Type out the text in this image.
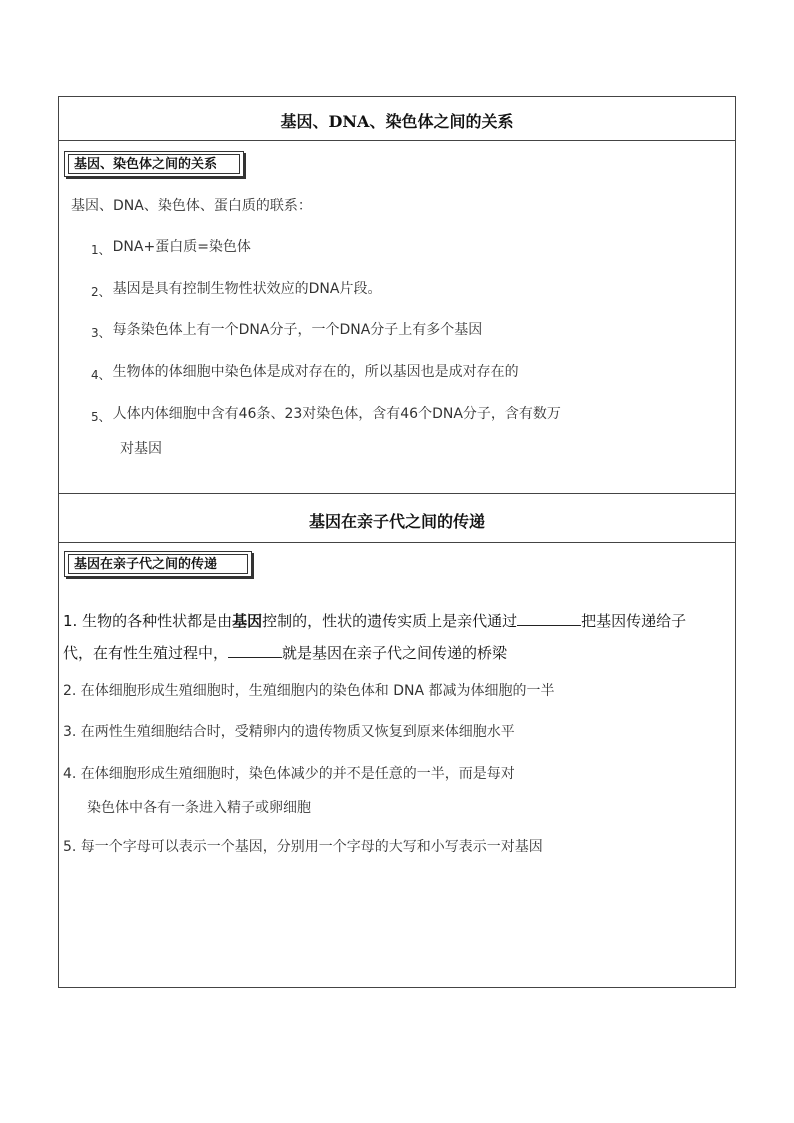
基因、DNA、染色体之间的关系
基因、染色体之间的关系
基因、DNA、染色体、蛋白质的联系：
1、 DNA+蛋白质=染色体
2、 基因是具有控制生物性状效应的DNA片段。
3、 每条染色体上有一个DNA分子，一个DNA分子上有多个基因
4、 生物体的体细胞中染色体是成对存在的，所以基因也是成对存在的
5、 人体内体细胞中含有46条、23对染色体，含有46个DNA分子，含有数万
对基因
基因在亲子代之间的传递
基因在亲子代之间的传递
1. 生物的各种性状都是由基因控制的，性状的遗传实质上是亲代通过	把基因传递给子
代，在有性生殖过程中，	就是基因在亲子代之间传递的桥梁
2. 在体细胞形成生殖细胞时，生殖细胞内的染色体和 DNA 都减为体细胞的一半
3. 在两性生殖细胞结合时，受精卵内的遗传物质又恢复到原来体细胞水平
4. 在体细胞形成生殖细胞时，染色体减少的并不是任意的一半，而是每对
染色体中各有一条进入精子或卵细胞
5. 每一个字母可以表示一个基因，分别用一个字母的大写和小写表示一对基因
